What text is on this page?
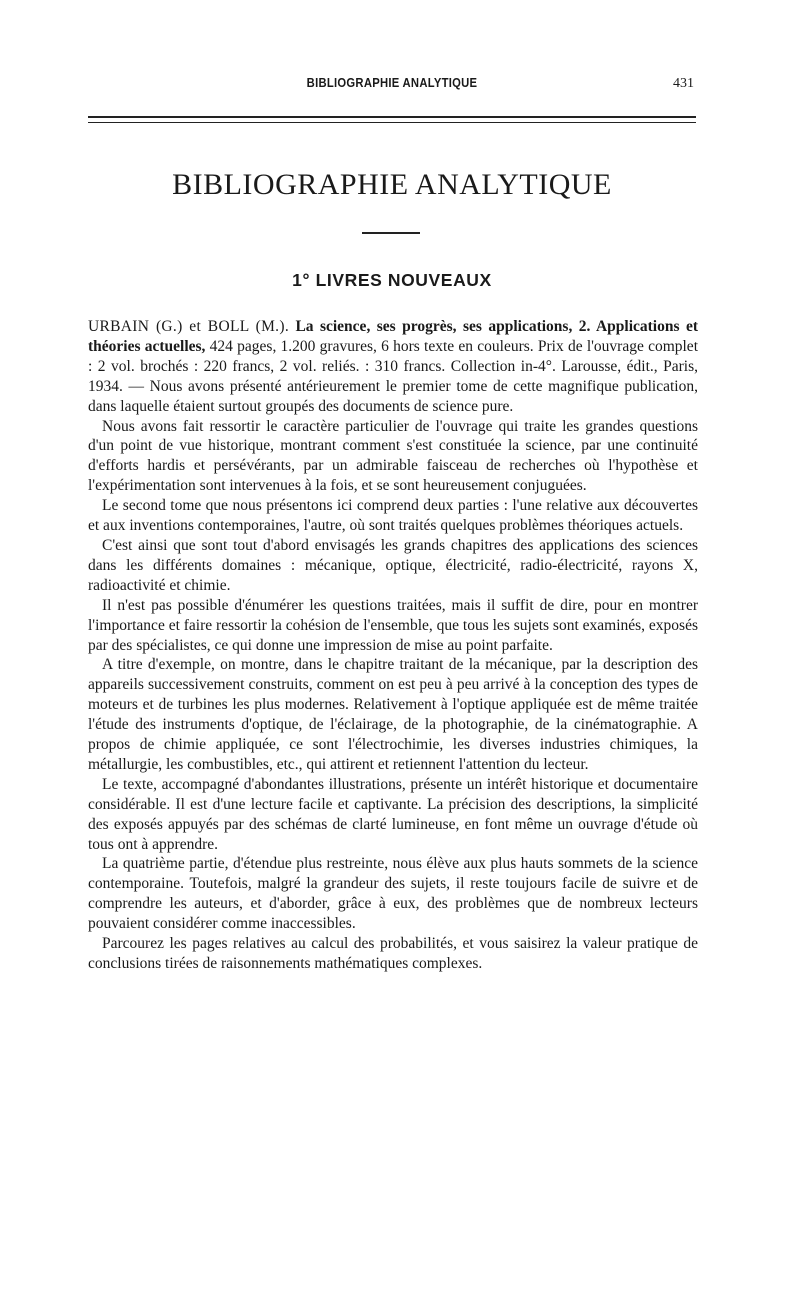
BIBLIOGRAPHIE ANALYTIQUE	431
BIBLIOGRAPHIE ANALYTIQUE
1° LIVRES NOUVEAUX

URBAIN (G.) et BOLL (M.). La science, ses progrès, ses applications, 2. Applications et théories actuelles, 424 pages, 1.200 gravures, 6 hors texte en couleurs. Prix de l'ouvrage complet : 2 vol. brochés : 220 francs, 2 vol. reliés. : 310 francs. Collection in-4°. Larousse, édit., Paris, 1934. — Nous avons présenté antérieurement le premier tome de cette magnifique publication, dans laquelle étaient surtout groupés des documents de science pure.

Nous avons fait ressortir le caractère particulier de l'ouvrage qui traite les grandes questions d'un point de vue historique, montrant comment s'est constituée la science, par une continuité d'efforts hardis et persévérants, par un admirable faisceau de recherches où l'hypothèse et l'expérimentation sont intervenues à la fois, et se sont heureusement conjuguées.

Le second tome que nous présentons ici comprend deux parties : l'une relative aux découvertes et aux inventions contemporaines, l'autre, où sont traités quelques problèmes théoriques actuels.

C'est ainsi que sont tout d'abord envisagés les grands chapitres des applications des sciences dans les différents domaines : mécanique, optique, électricité, radio-électricité, rayons X, radioactivité et chimie.

Il n'est pas possible d'énumérer les questions traitées, mais il suffit de dire, pour en montrer l'importance et faire ressortir la cohésion de l'ensemble, que tous les sujets sont examinés, exposés par des spécialistes, ce qui donne une impression de mise au point parfaite.

A titre d'exemple, on montre, dans le chapitre traitant de la mécanique, par la description des appareils successivement construits, comment on est peu à peu arrivé à la conception des types de moteurs et de turbines les plus modernes. Relativement à l'optique appliquée est de même traitée l'étude des instruments d'optique, de l'éclairage, de la photographie, de la cinématographie. A propos de chimie appliquée, ce sont l'électrochimie, les diverses industries chimiques, la métallurgie, les combustibles, etc., qui attirent et retiennent l'attention du lecteur.

Le texte, accompagné d'abondantes illustrations, présente un intérêt historique et documentaire considérable. Il est d'une lecture facile et captivante. La précision des descriptions, la simplicité des exposés appuyés par des schémas de clarté lumineuse, en font même un ouvrage d'étude où tous ont à apprendre.

La quatrième partie, d'étendue plus restreinte, nous élève aux plus hauts sommets de la science contemporaine. Toutefois, malgré la grandeur des sujets, il reste toujours facile de suivre et de comprendre les auteurs, et d'aborder, grâce à eux, des problèmes que de nombreux lecteurs pouvaient considérer comme inaccessibles.

Parcourez les pages relatives au calcul des probabilités, et vous saisirez la valeur pratique de conclusions tirées de raisonnements mathématiques complexes.
